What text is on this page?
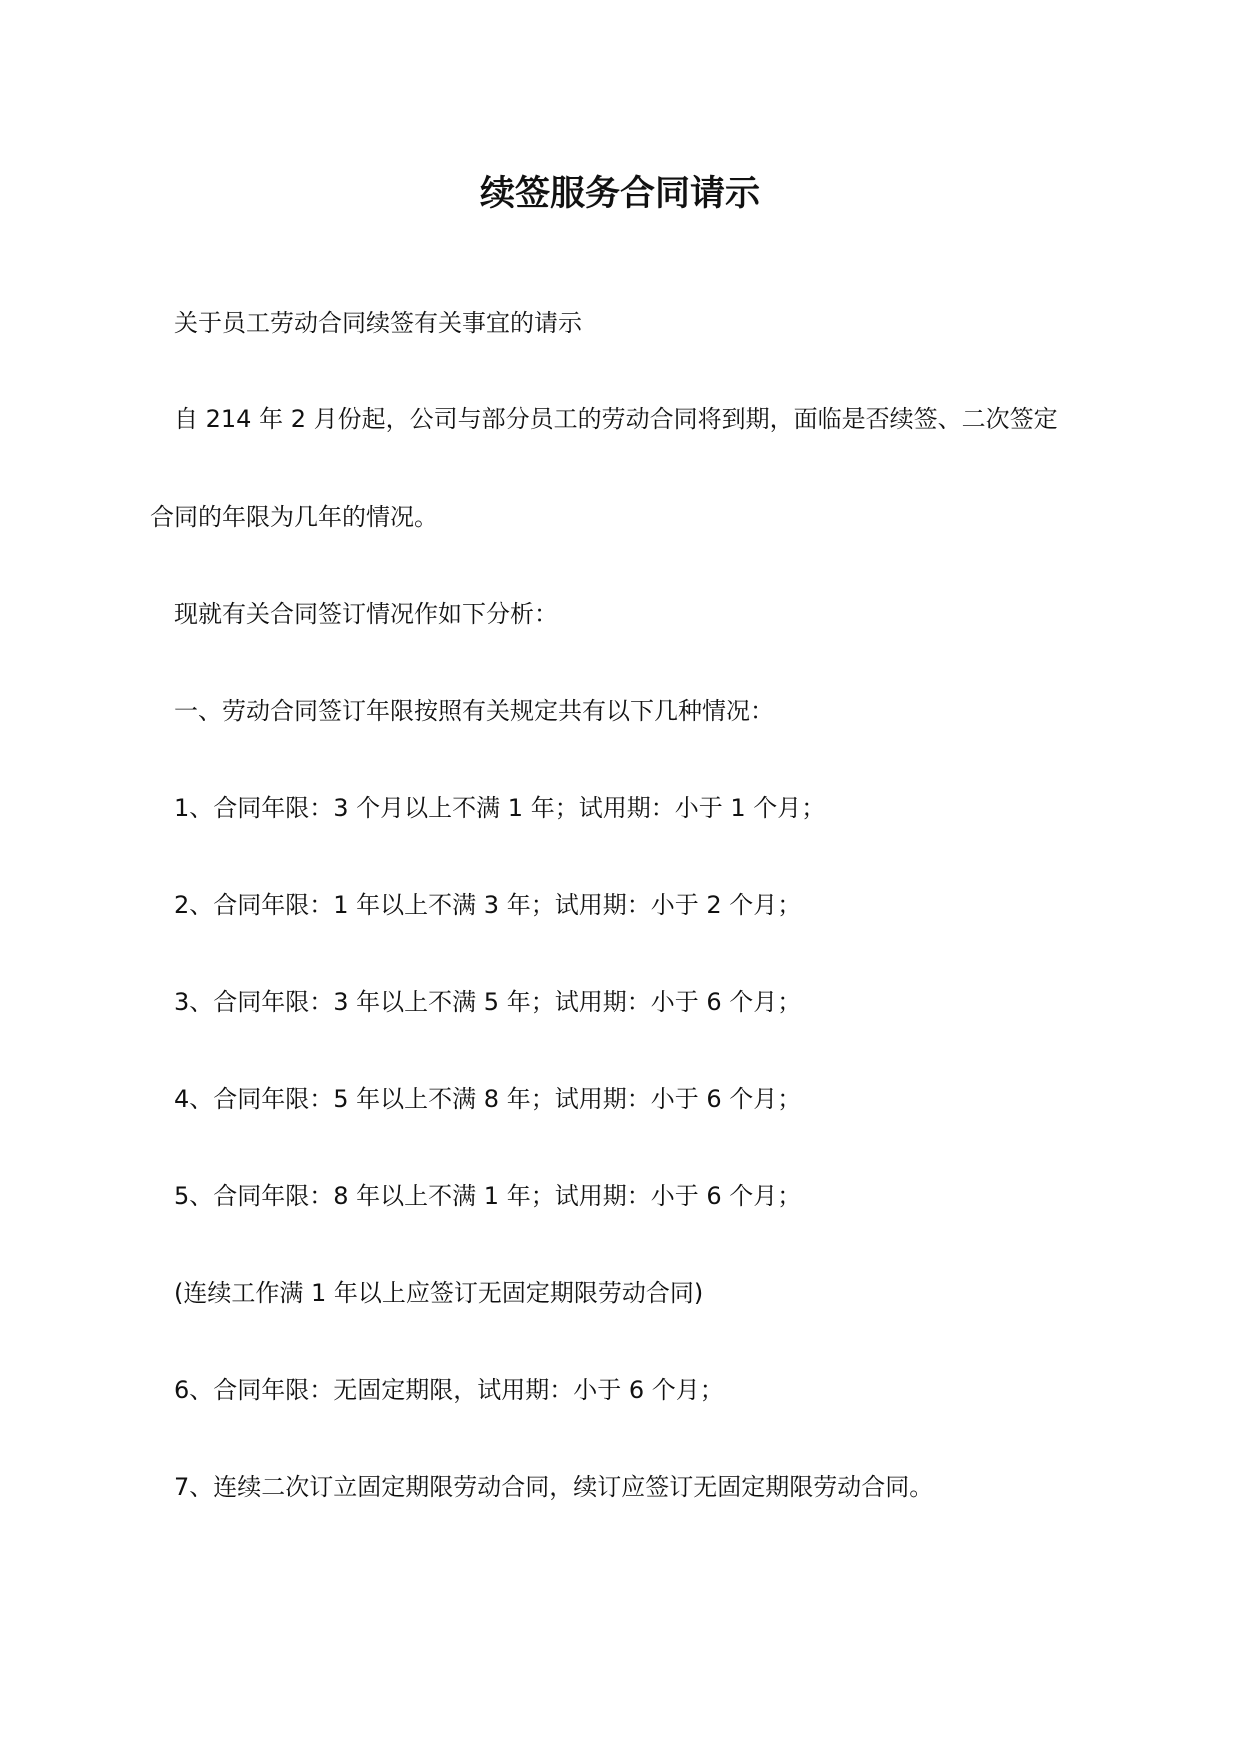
续签服务合同请示
　关于员工劳动合同续签有关事宜的请示
　自 214 年 2 月份起，公司与部分员工的劳动合同将到期，面临是否续签、二次签定
合同的年限为几年的情况。
　现就有关合同签订情况作如下分析：
　一、劳动合同签订年限按照有关规定共有以下几种情况：
　1、合同年限：3 个月以上不满 1 年；试用期：小于 1 个月；
　2、合同年限：1 年以上不满 3 年；试用期：小于 2 个月；
　3、合同年限：3 年以上不满 5 年；试用期：小于 6 个月；
　4、合同年限：5 年以上不满 8 年；试用期：小于 6 个月；
　5、合同年限：8 年以上不满 1 年；试用期：小于 6 个月；
　(连续工作满 1 年以上应签订无固定期限劳动合同)
　6、合同年限：无固定期限，试用期：小于 6 个月；
　7、连续二次订立固定期限劳动合同，续订应签订无固定期限劳动合同。
